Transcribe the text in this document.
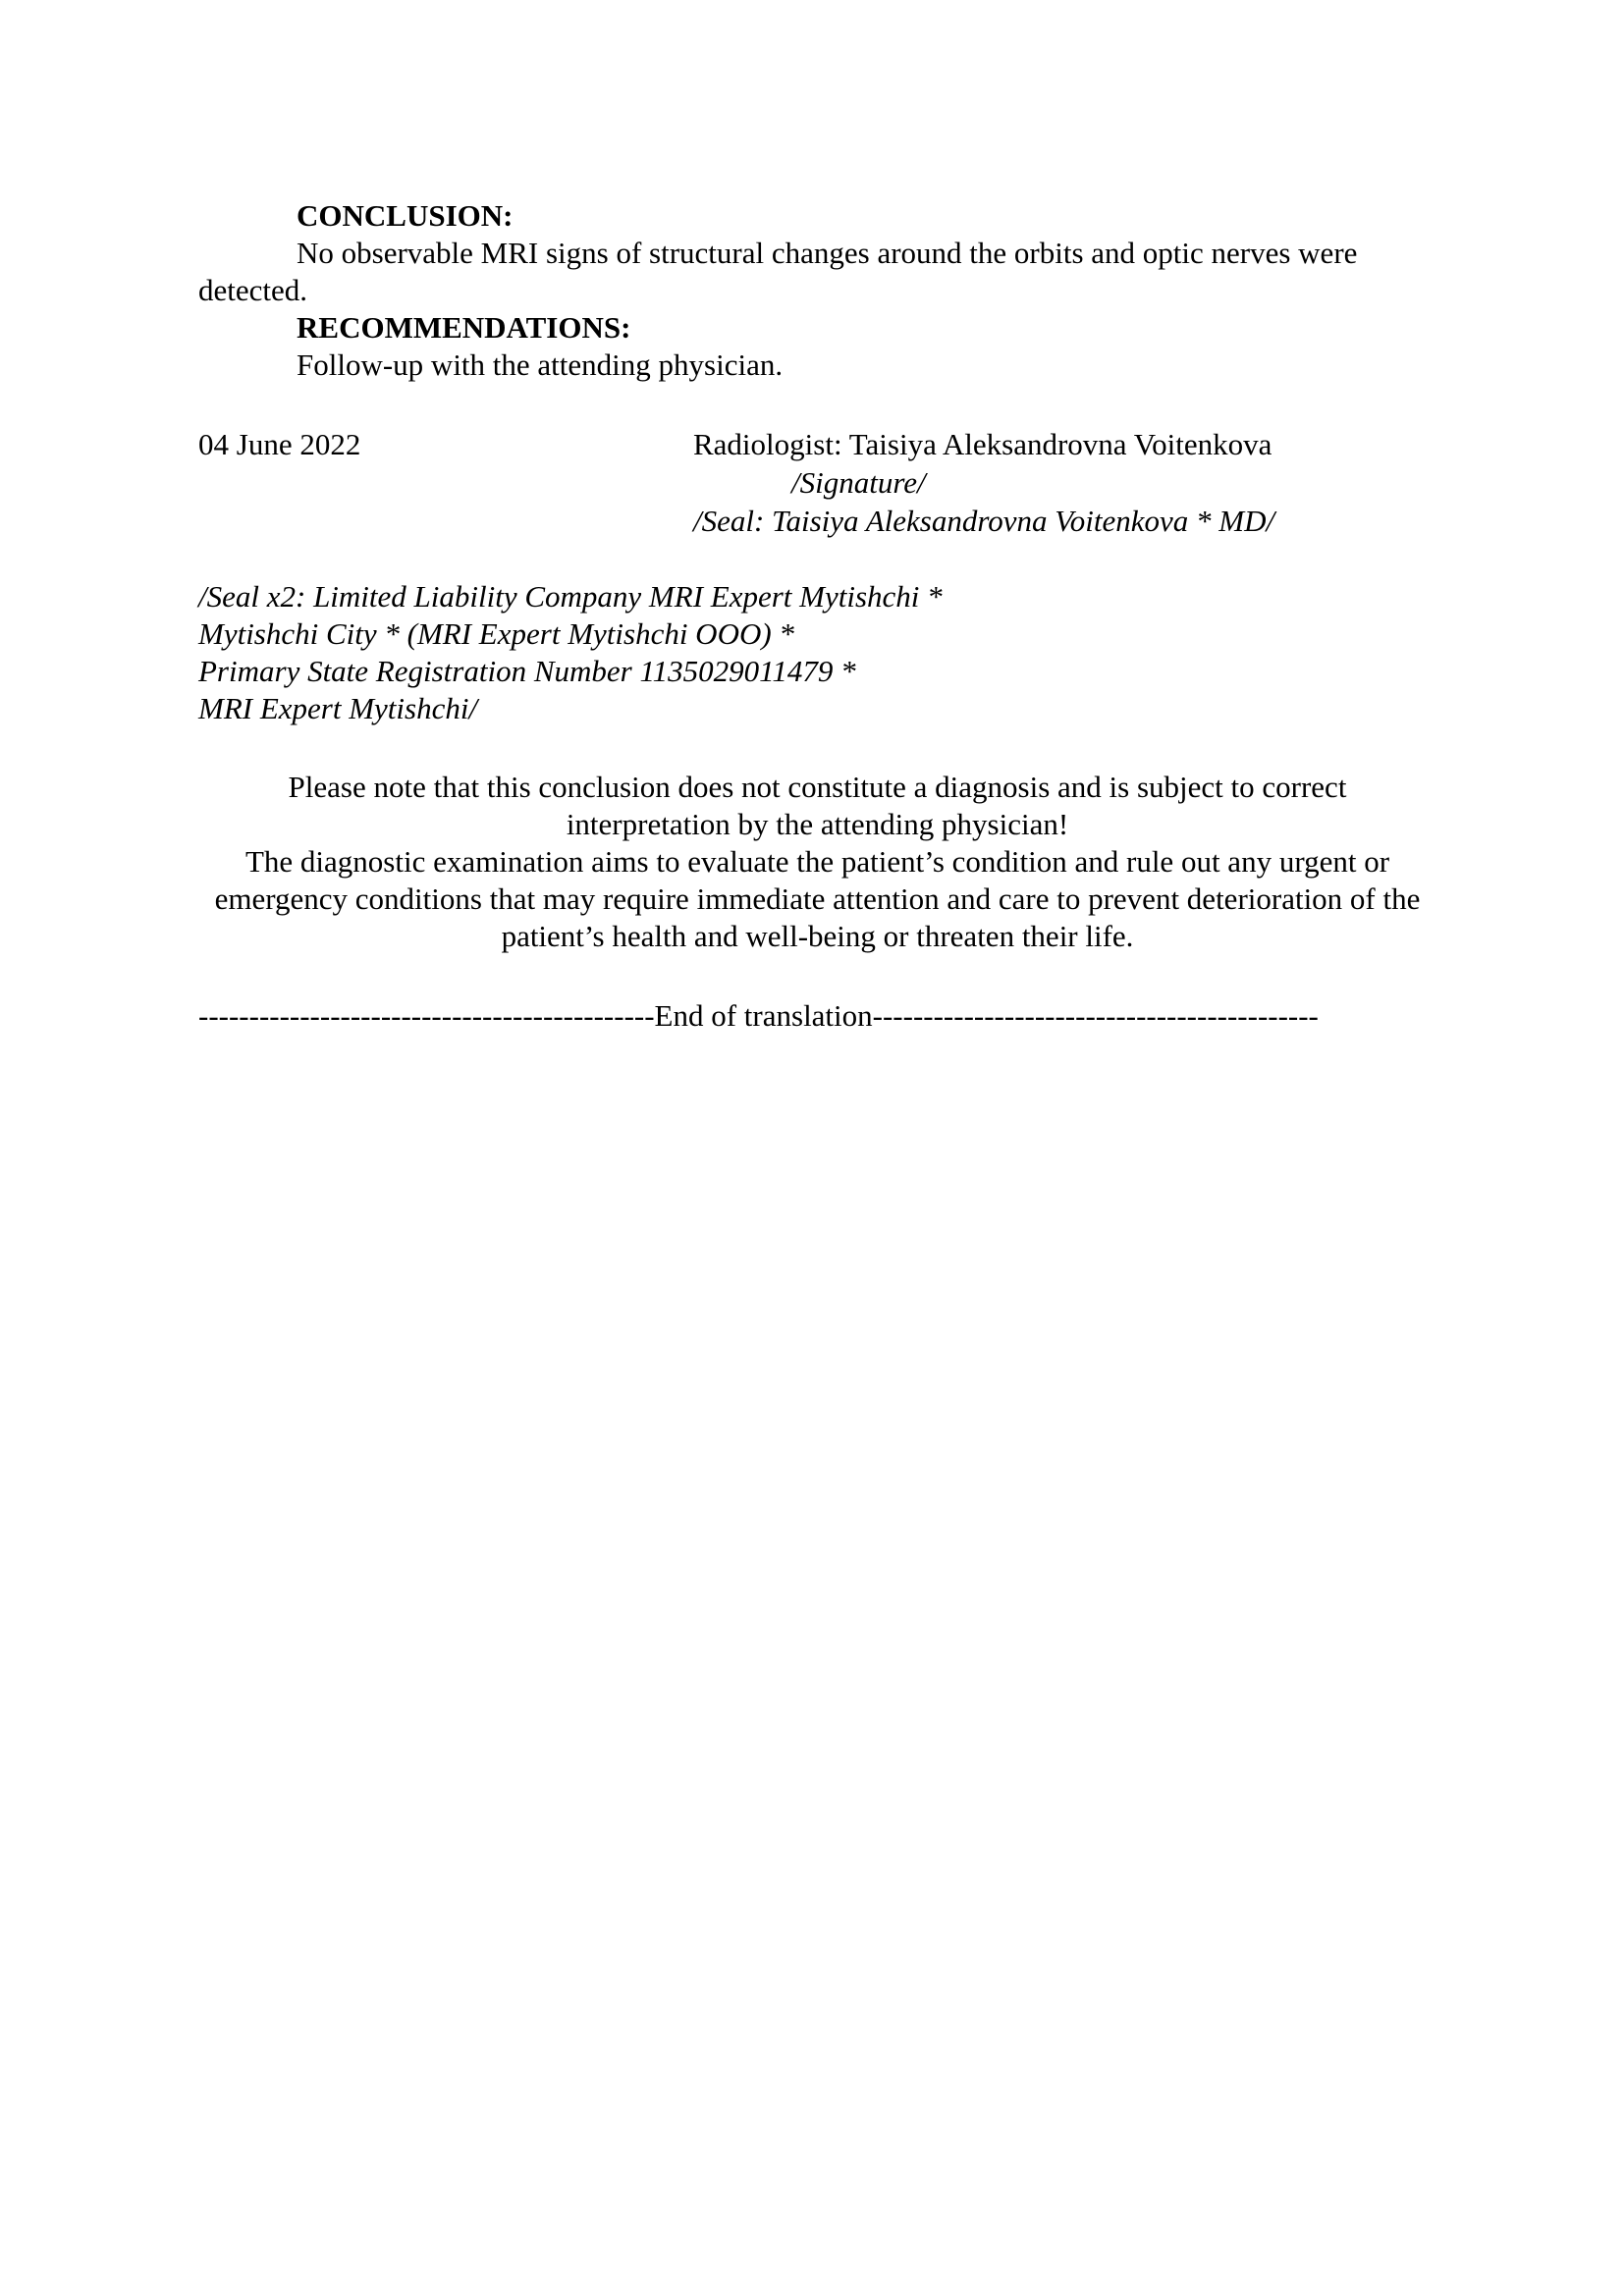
CONCLUSION:

No observable MRI signs of structural changes around the orbits and optic nerves were detected.

RECOMMENDATIONS:

Follow-up with the attending physician.

04 June 2022	Radiologist: Taisiya Aleksandrovna Voitenkova
/Signature/
/Seal: Taisiya Aleksandrovna Voitenkova * MD/

/Seal x2: Limited Liability Company MRI Expert Mytishchi *

Mytishchi City * (MRI Expert Mytishchi OOO) *

Primary State Registration Number 1135029011479 *

MRI Expert Mytishchi/

Please note that this conclusion does not constitute a diagnosis and is subject to correct interpretation by the attending physician!

The diagnostic examination aims to evaluate the patient’s condition and rule out any urgent or emergency conditions that may require immediate attention and care to prevent deterioration of the patient’s health and well-being or threaten their life.

---------------------------------------------End of translation--------------------------------------------
